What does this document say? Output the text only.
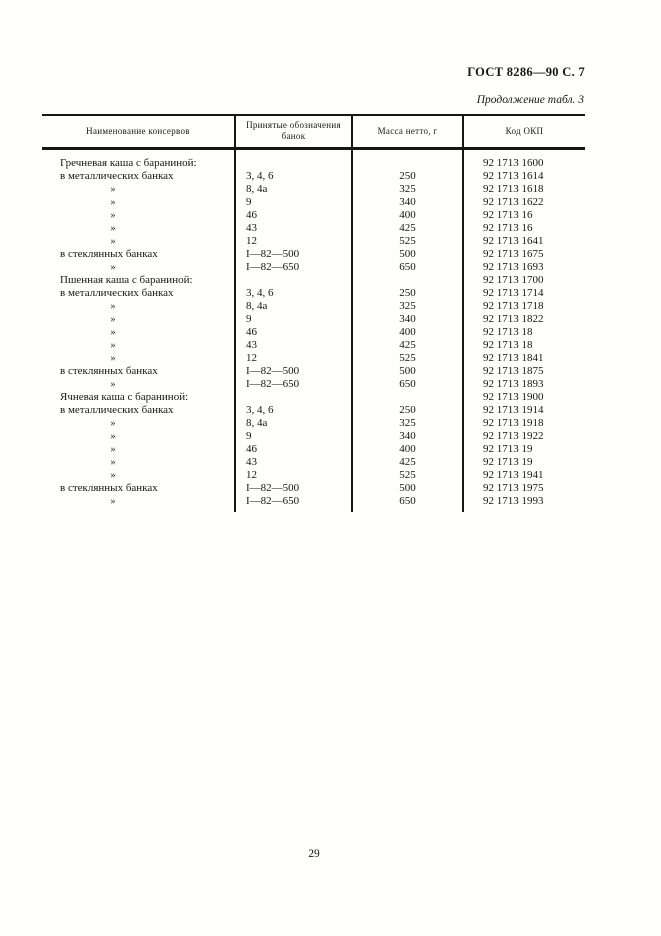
ГОСТ 8286—90 С. 7
Продолжение табл. 3
Наименование консервов	Принятые обозначения банок	Масса нетто, г	Код ОКП
Гречневая каша с бараниной:			92 1713 1600
в металлических банках	3, 4, 6	250	92 1713 1614
»	8, 4а	325	92 1713 1618
»	9	340	92 1713 1622
»	46	400	92 1713 16
»	43	425	92 1713 16
»	12	525	92 1713 1641
в стеклянных банках	I—82—500	500	92 1713 1675
»	I—82—650	650	92 1713 1693
Пшенная каша с бараниной:			92 1713 1700
в металлических банках	3, 4, 6	250	92 1713 1714
»	8, 4а	325	92 1713 1718
»	9	340	92 1713 1822
»	46	400	92 1713 18
»	43	425	92 1713 18
»	12	525	92 1713 1841
в стеклянных банках	I—82—500	500	92 1713 1875
»	I—82—650	650	92 1713 1893
Ячневая каша с бараниной:			92 1713 1900
в металлических банках	3, 4, 6	250	92 1713 1914
»	8, 4а	325	92 1713 1918
»	9	340	92 1713 1922
»	46	400	92 1713 19
»	43	425	92 1713 19
»	12	525	92 1713 1941
в стеклянных банках	I—82—500	500	92 1713 1975
»	I—82—650	650	92 1713 1993
29
